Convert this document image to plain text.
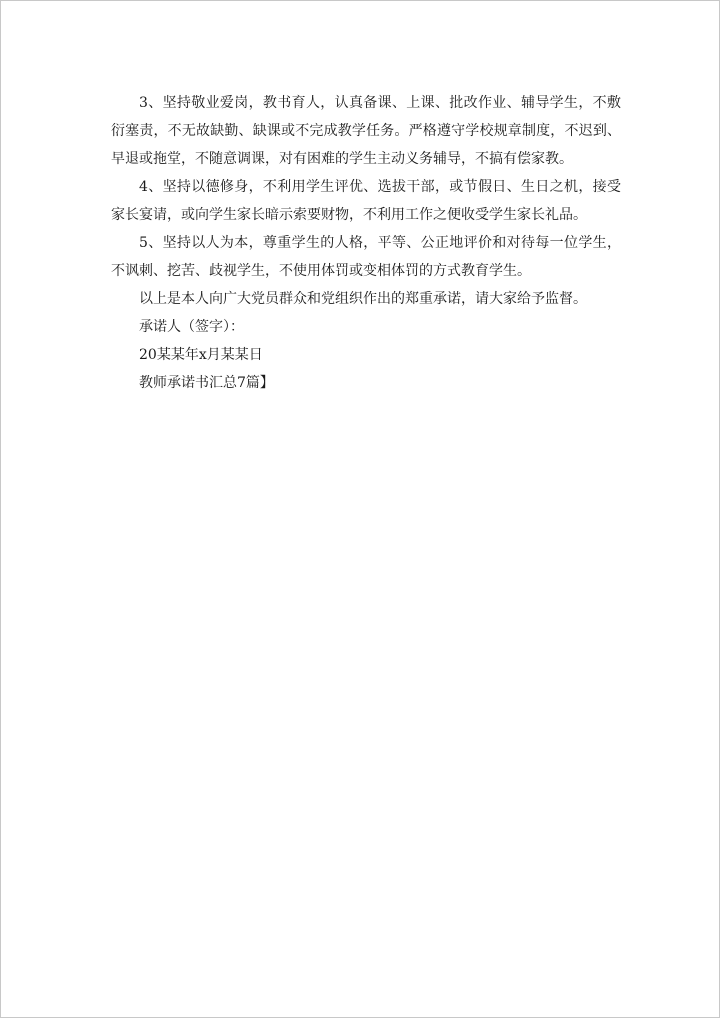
3、坚持敬业爱岗，教书育人，认真备课、上课、批改作业、辅导学生，不敷衍塞责，不无故缺勤、缺课或不完成教学任务。严格遵守学校规章制度，不迟到、早退或拖堂，不随意调课，对有困难的学生主动义务辅导，不搞有偿家教。

4、坚持以德修身，不利用学生评优、选拔干部，或节假日、生日之机，接受家长宴请，或向学生家长暗示索要财物，不利用工作之便收受学生家长礼品。

5、坚持以人为本，尊重学生的人格，平等、公正地评价和对待每一位学生，不讽刺、挖苦、歧视学生，不使用体罚或变相体罚的方式教育学生。

以上是本人向广大党员群众和党组织作出的郑重承诺，请大家给予监督。

承诺人（签字）：

20某某年x月某某日

教师承诺书汇总7篇】
